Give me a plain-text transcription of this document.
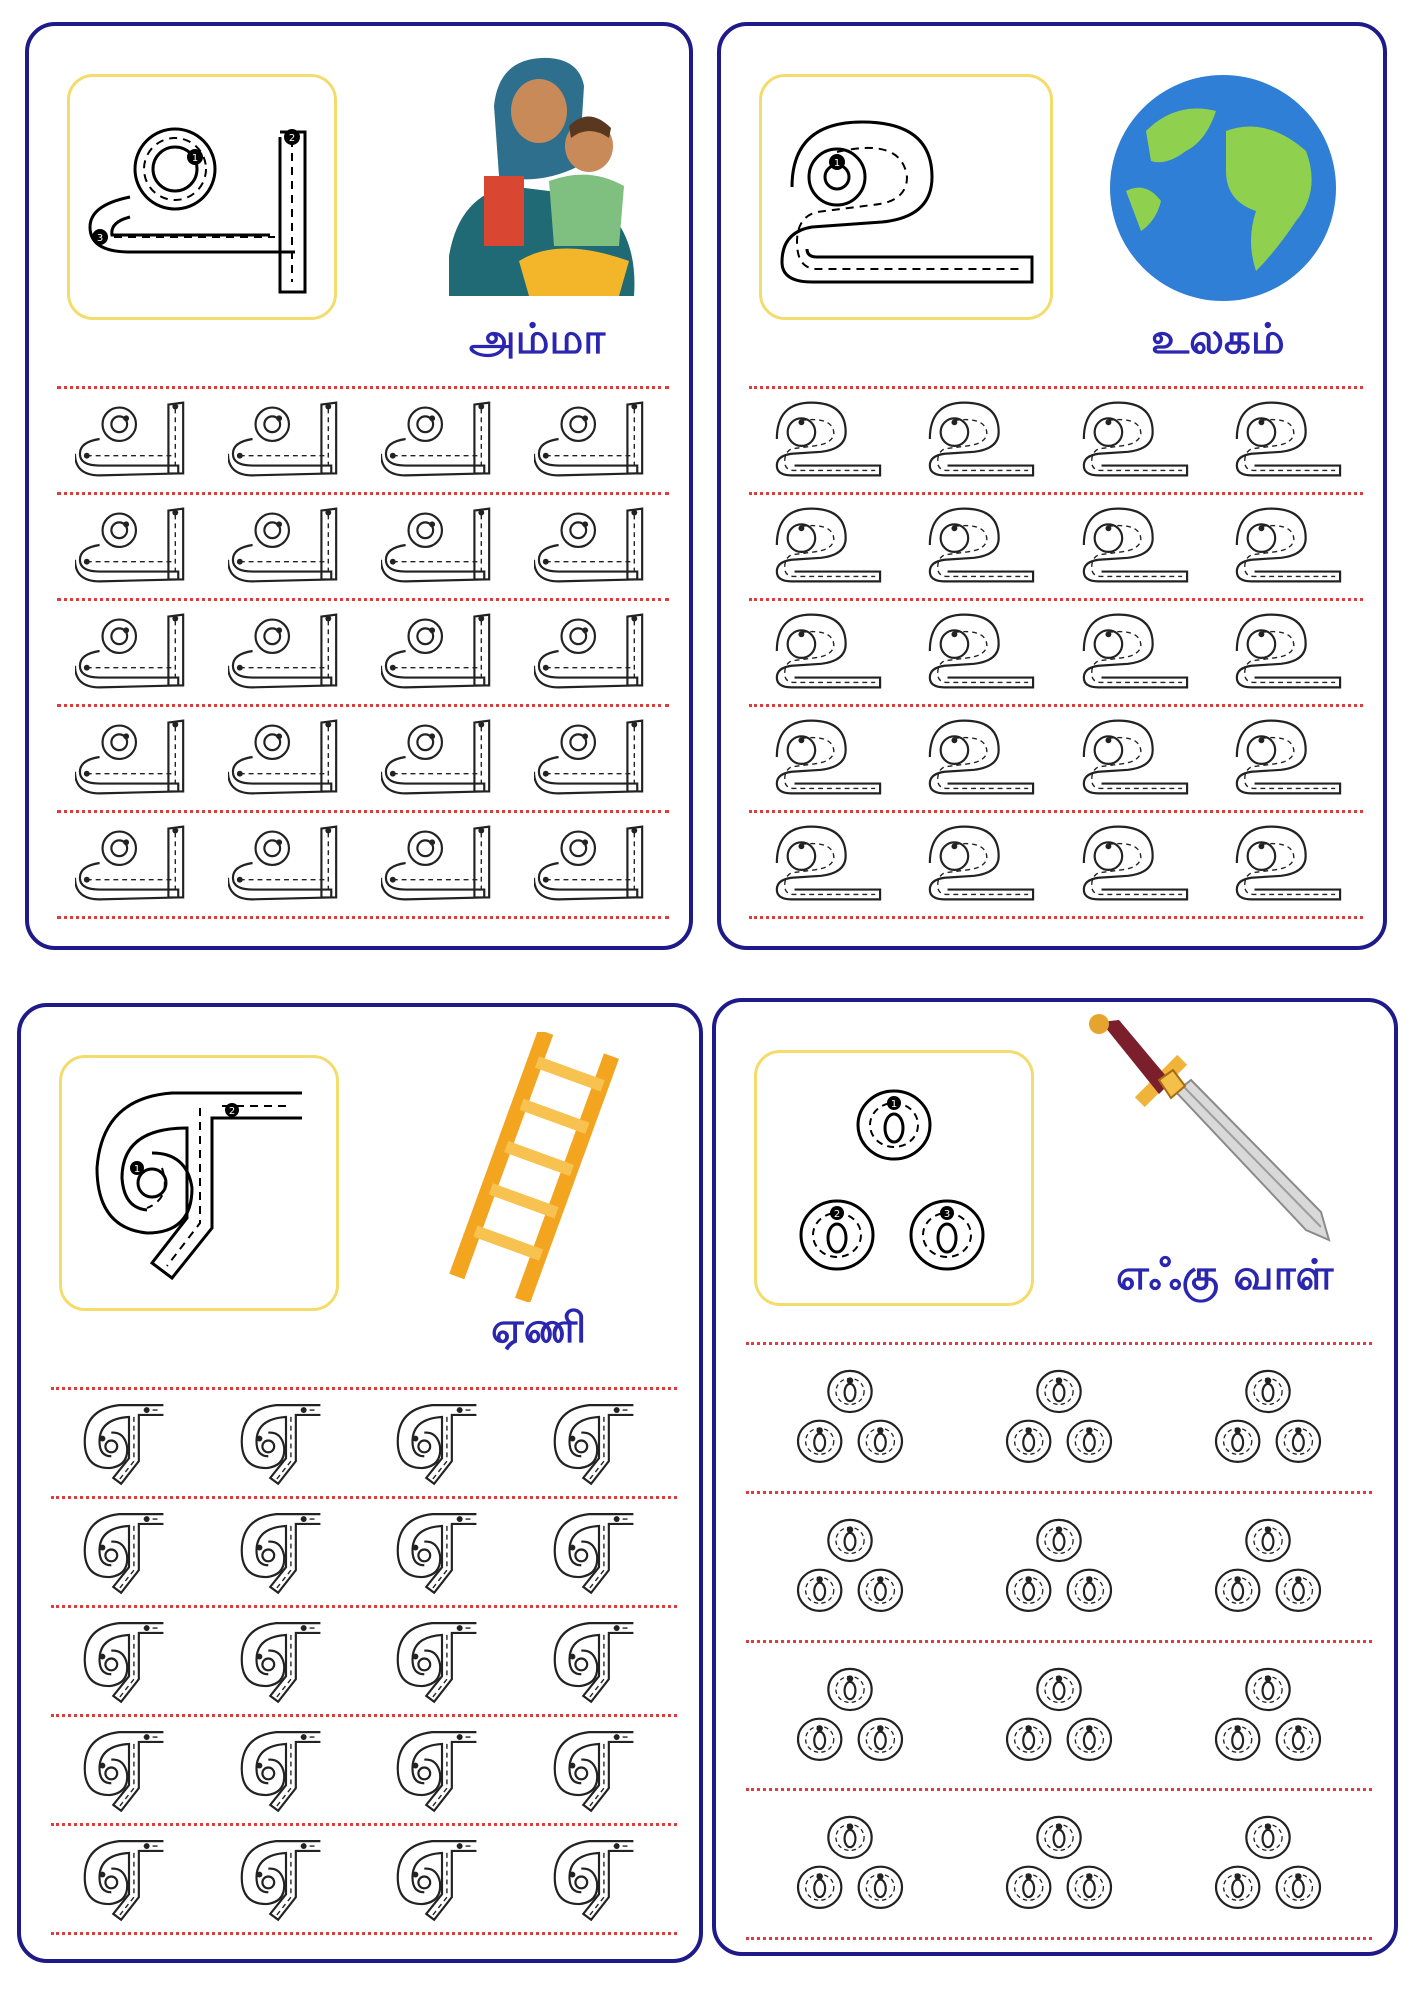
1
2
3
அம்மா
1
உலகம்
1
2
ஏணி
1
2	3
எஃகு வாள்
